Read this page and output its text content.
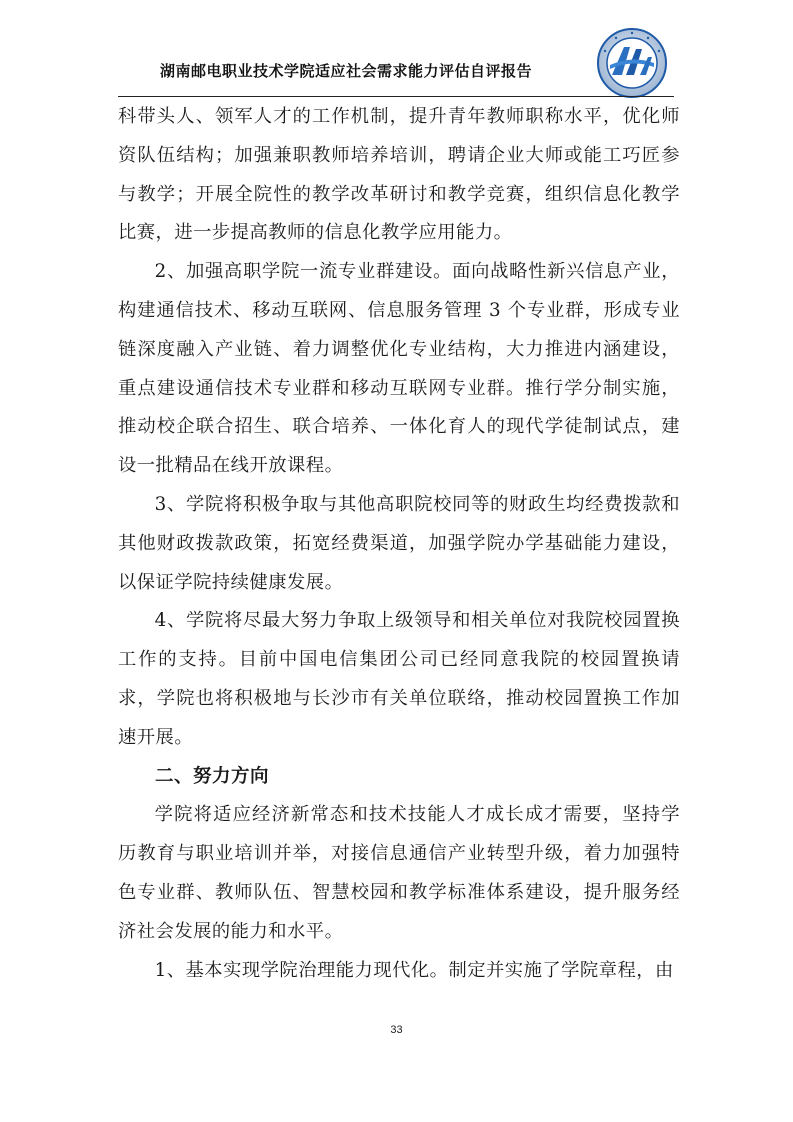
湖南邮电职业技术学院适应社会需求能力评估自评报告

科带头人、领军人才的工作机制，提升青年教师职称水平，优化师资队伍结构；加强兼职教师培养培训，聘请企业大师或能工巧匠参与教学；开展全院性的教学改革研讨和教学竞赛，组织信息化教学比赛，进一步提高教师的信息化教学应用能力。

2、加强高职学院一流专业群建设。面向战略性新兴信息产业，构建通信技术、移动互联网、信息服务管理 3 个专业群，形成专业链深度融入产业链、着力调整优化专业结构，大力推进内涵建设，重点建设通信技术专业群和移动互联网专业群。推行学分制实施，推动校企联合招生、联合培养、一体化育人的现代学徒制试点，建设一批精品在线开放课程。

3、学院将积极争取与其他高职院校同等的财政生均经费拨款和其他财政拨款政策，拓宽经费渠道，加强学院办学基础能力建设，以保证学院持续健康发展。

4、学院将尽最大努力争取上级领导和相关单位对我院校园置换工作的支持。目前中国电信集团公司已经同意我院的校园置换请求，学院也将积极地与长沙市有关单位联络，推动校园置换工作加速开展。

二、努力方向

学院将适应经济新常态和技术技能人才成长成才需要，坚持学历教育与职业培训并举，对接信息通信产业转型升级，着力加强特色专业群、教师队伍、智慧校园和教学标准体系建设，提升服务经济社会发展的能力和水平。

1、基本实现学院治理能力现代化。制定并实施了学院章程，由

33
